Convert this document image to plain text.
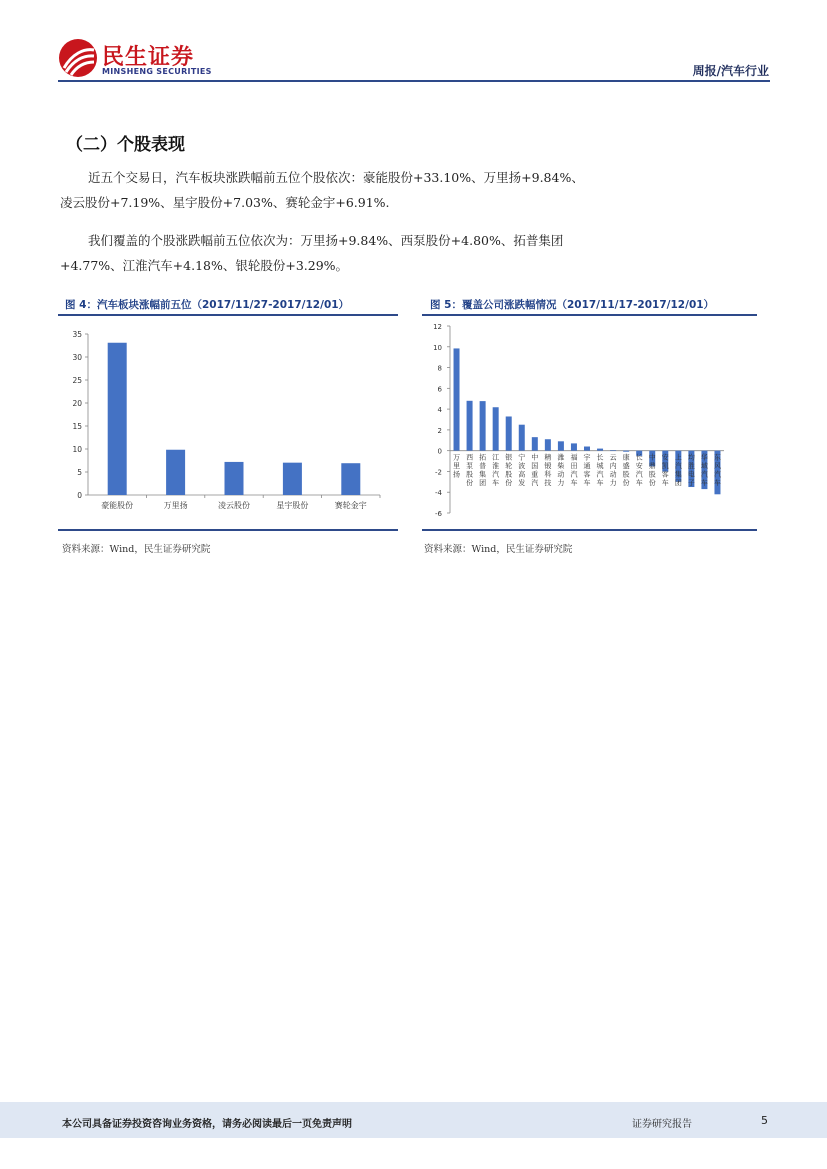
民生证券
MINSHENG SECURITIES	周报/汽车行业
（二）个股表现

近五个交易日，汽车板块涨跌幅前五位个股依次：豪能股份+33.10%、万里扬+9.84%、

凌云股份+7.19%、星宇股份+7.03%、赛轮金宇+6.91%.

我们覆盖的个股涨跌幅前五位依次为：万里扬+9.84%、西泵股份+4.80%、拓普集团

+4.77%、江淮汽车+4.18%、银轮股份+3.29%。

图 4：汽车板块涨幅前五位（2017/11/27-2017/12/01）
0
5
10
15
20
25
30
35
豪能股份	万里扬	凌云股份	星宇股份	赛轮金宇
资料来源：Wind，民生证券研究院
图 5：覆盖公司涨跌幅情况（2017/11/17-2017/12/01）
-6
-4
-2
0
2
4
6
8
10
12
万里扬
西泵股份
拓普集团
江淮汽车
银轮股份
宁波高发
中国重汽
精锻科技
潍柴动力
福田汽车
宇通客车
长城汽车
云内动力
康盛股份
长安汽车
中鼎股份
安凯客车
上汽集团
均胜电子
华域汽车
东风汽车
资料来源：Wind，民生证券研究院
本公司具备证券投资咨询业务资格，请务必阅读最后一页免责声明	证券研究报告	5
